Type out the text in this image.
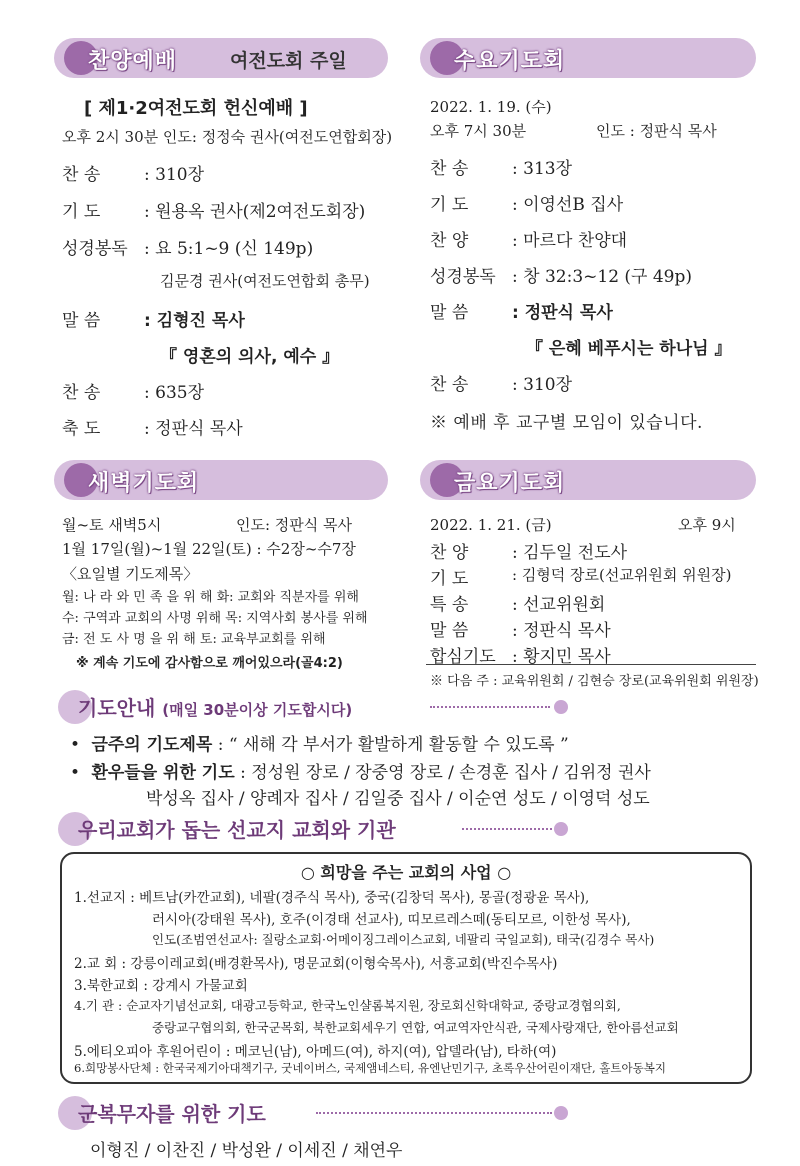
찬양예배	여전도회 주일	수요기도회
[ 제1·2여전도회 헌신예배 ]
오후 2시 30분 인도: 정정숙 권사(여전도연합회장)
찬 송	: 310장
기 도	: 원용옥 권사(제2여전도회장)
성경봉독 : 요 5:1~9 (신 149p)
김문경 권사(여전도연합회 총무)
말 씀	: 김형진 목사
『 영혼의 의사, 예수 』
찬 송	: 635장
축 도	: 정판식 목사
2022. 1. 19. (수)
오후 7시 30분	인도 : 정판식 목사
찬 송	: 313장
기 도	: 이영선B 집사
찬 양	: 마르다 찬양대
성경봉독 : 창 32:3~12 (구 49p)
말 씀	: 정판식 목사
『 은혜 베푸시는 하나님 』
찬 송	: 310장
※ 예배 후 교구별 모임이 있습니다.
새벽기도회	금요기도회
월~토 새벽5시	인도: 정판식 목사
1월 17일(월)~1월 22일(토) : 수2장~수7장
〈요일별 기도제목〉
월: 나 라 와 민 족 을 위 해 화: 교회와 직분자를 위해
수: 구역과 교회의 사명 위해 목: 지역사회 봉사를 위해
금: 전 도 사 명 을 위 해 토: 교육부교회를 위해
※ 계속 기도에 감사함으로 깨어있으라(골4:2)
2022. 1. 21. (금)	오후 9시
찬 양	: 김두일 전도사
기 도	: 김형덕 장로(선교위원회 위원장)
특 송	: 선교위원회
말 씀	: 정판식 목사
합심기도 : 황지민 목사
※ 다음 주 : 교육위원회 / 김현승 장로(교육위원회 위원장)
기도안내 (매일 30분이상 기도합시다)
• 금주의 기도제목 : “ 새해 각 부서가 활발하게 활동할 수 있도록 ”
• 환우들을 위한 기도 : 정성원 장로 / 장중영 장로 / 손경훈 집사 / 김위정 권사
박성옥 집사 / 양례자 집사 / 김일중 집사 / 이순연 성도 / 이영덕 성도
우리교회가 돕는 선교지 교회와 기관
○ 희망을 주는 교회의 사업 ○
1.선교지 : 베트남(카깐교회), 네팔(경주식 목사), 중국(김창덕 목사), 몽골(정광윤 목사),
러시아(강태원 목사), 호주(이경태 선교사), 띠모르레스떼(동티모르, 이한성 목사),
인도(조범연선교사: 질랑소교회·어메이징그레이스교회, 네팔리 국일교회), 태국(김경수 목사)
2.교 회 : 강릉이레교회(배경환목사), 명문교회(이형숙목사), 서흥교회(박진수목사)
3.북한교회 : 강계시 가물교회
4.기 관 : 순교자기념선교회, 대광고등학교, 한국노인샬롬복지원, 장로회신학대학교, 중랑교경협의회,
중랑교구협의회, 한국군목회, 북한교회세우기 연합, 여교역자안식관, 국제사랑재단, 한아름선교회
5.에티오피아 후원어린이 : 메코닌(남), 아메드(여), 하지(여), 압델라(남), 타하(여)
6.희망봉사단체 : 한국국제기아대책기구, 굿네이버스, 국제앰네스티, 유엔난민기구, 초록우산어린이재단, 홀트아동복지
군복무자를 위한 기도
이형진 / 이찬진 / 박성완 / 이세진 / 채연우
